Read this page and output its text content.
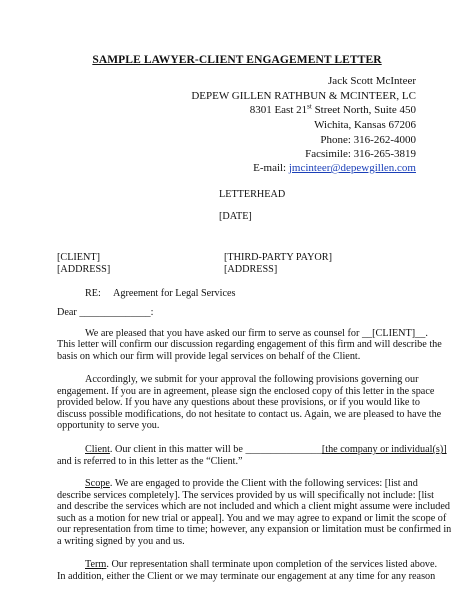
SAMPLE LAWYER-CLIENT ENGAGEMENT LETTER
Jack Scott McInteer
DEPEW GILLEN RATHBUN & MCINTEER, LC
8301 East 21st Street North, Suite 450
Wichita, Kansas 67206
Phone: 316-262-4000
Facsimile: 316-265-3819
E-mail: jmcinteer@depewgillen.com
LETTERHEAD
[DATE]
[CLIENT]
[ADDRESS]
[THIRD-PARTY PAYOR]
[ADDRESS]
RE: Agreement for Legal Services
Dear ______________:
We are pleased that you have asked our firm to serve as counsel for __[CLIENT]__.
This letter will confirm our discussion regarding engagement of this firm and will describe the
basis on which our firm will provide legal services on behalf of the Client.
Accordingly, we submit for your approval the following provisions governing our
engagement. If you are in agreement, please sign the enclosed copy of this letter in the space
provided below. If you have any questions about these provisions, or if you would like to
discuss possible modifications, do not hesitate to contact us. Again, we are pleased to have the
opportunity to serve you.
Client. Our client in this matter will be _______________[the company or individual(s)]
and is referred to in this letter as the “Client.”
Scope. We are engaged to provide the Client with the following services: [list and
describe services completely]. The services provided by us will specifically not include: [list
and describe the services which are not included and which a client might assume were included
such as a motion for new trial or appeal]. You and we may agree to expand or limit the scope of
our representation from time to time; however, any expansion or limitation must be confirmed in
a writing signed by you and us.
Term. Our representation shall terminate upon completion of the services listed above.
In addition, either the Client or we may terminate our engagement at any time for any reason
